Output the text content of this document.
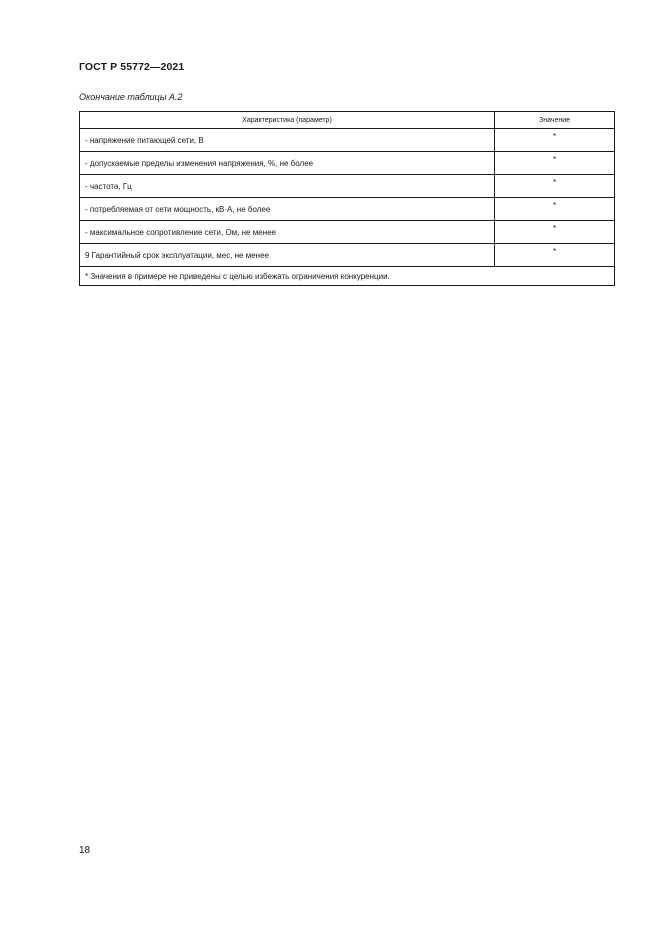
ГОСТ Р 55772—2021
Окончание таблицы А.2
Характеристика (параметр)	Значение
- напряжение питающей сети, В	*
- допускаемые пределы изменения напряжения, %, не более	*
- частота, Гц	*
- потребляемая от сети мощность, кВ·А, не более	*
- максимальное сопротивление сети, Ом, не менее	*
9 Гарантийный срок эксплуатации, мес, не менее	*
* Значения в примере не приведены с целью избежать ограничения конкуренции.	
18
